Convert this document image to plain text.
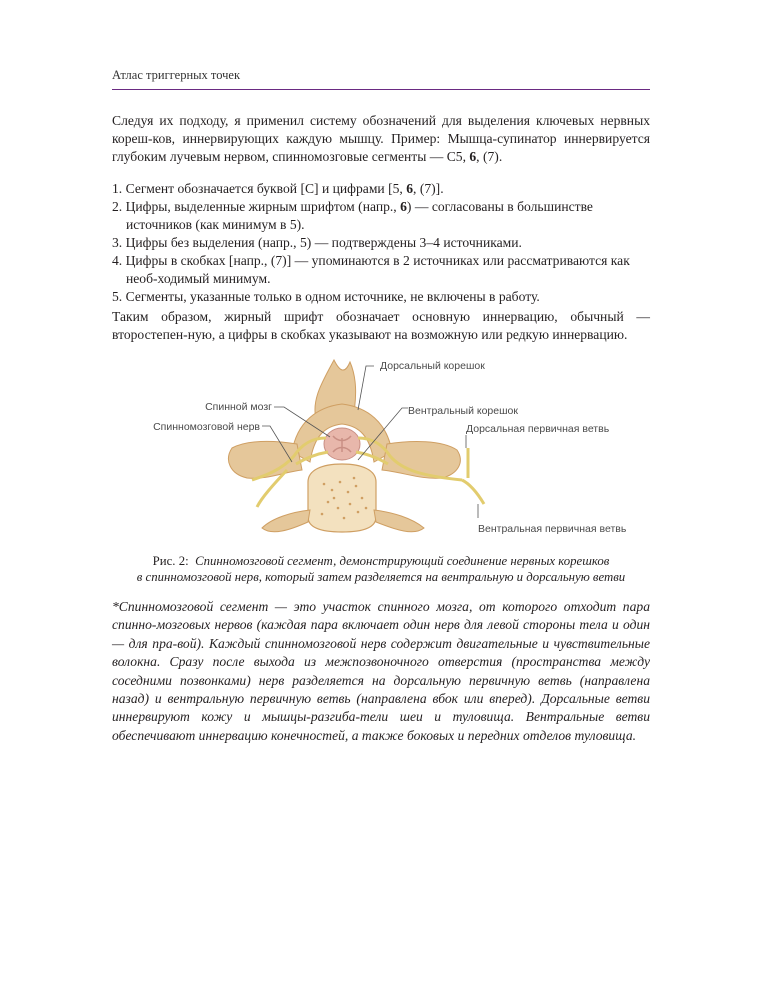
Атлас триггерных точек

Следуя их подходу, я применил систему обозначений для выделения ключевых нервных кореш-ков, иннервирующих каждую мышцу. Пример: Мышца-супинатор иннервируется глубоким лучевым нервом, спинномозговые сегменты — C5, 6, (7).

1. Сегмент обозначается буквой [C] и цифрами [5, 6, (7)].
2. Цифры, выделенные жирным шрифтом (напр., 6) — согласованы в большинстве источников (как минимум в 5).
3. Цифры без выделения (напр., 5) — подтверждены 3–4 источниками.
4. Цифры в скобках [напр., (7)] — упоминаются в 2 источниках или рассматриваются как необ-ходимый минимум.
5. Сегменты, указанные только в одном источнике, не включены в работу.

Таким образом, жирный шрифт обозначает основную иннервацию, обычный — второстепен-ную, а цифры в скобках указывают на возможную или редкую иннервацию.

Дорсальный корешок
Спинной мозг	Вентральный корешок
Спинномозговой нерв	Дорсальная первичная ветвь
Вентральная первичная ветвь

Рис. 2: Спинномозговой сегмент, демонстрирующий соединение нервных корешков
в спинномозговой нерв, который затем разделяется на вентральную и дорсальную ветви

*Спинномозговой сегмент — это участок спинного мозга, от которого отходит пара спинно-мозговых нервов (каждая пара включает один нерв для левой стороны тела и один — для пра-вой). Каждый спинномозговой нерв содержит двигательные и чувствительные волокна. Сразу после выхода из межпозвоночного отверстия (пространства между соседними позвонками) нерв разделяется на дорсальную первичную ветвь (направлена назад) и вентральную первичную ветвь (направлена вбок или вперед). Дорсальные ветви иннервируют кожу и мышцы-разгиба-тели шеи и туловища. Вентральные ветви обеспечивают иннервацию конечностей, а также боковых и передних отделов туловища.
